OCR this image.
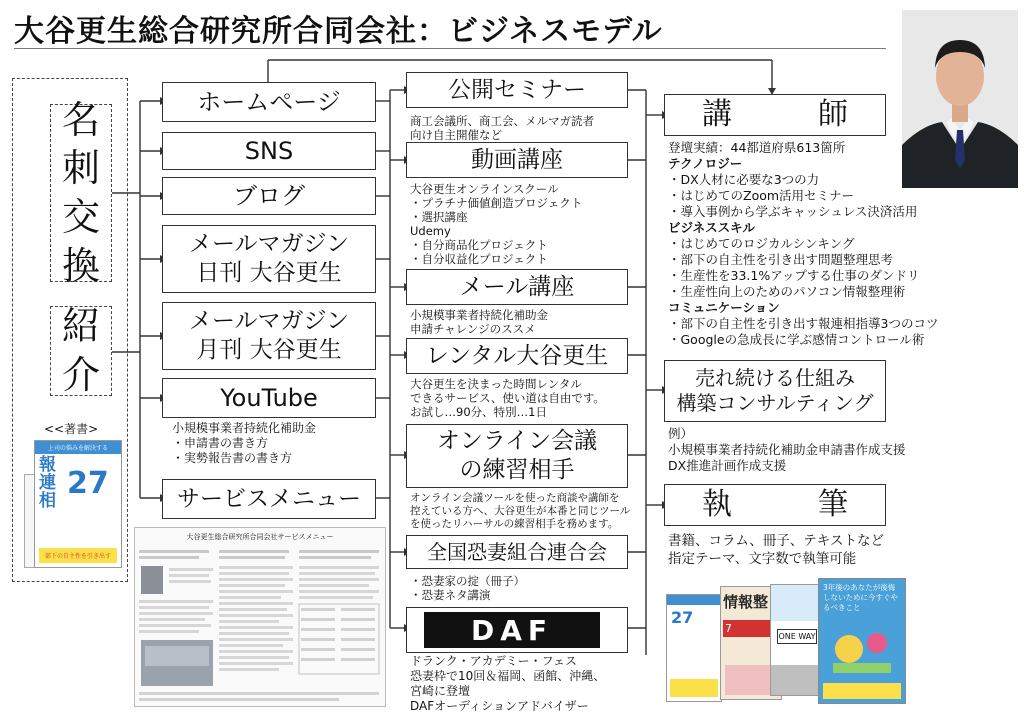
大谷更生総合研究所合同会社：ビジネスモデル
名
刺
交
換
紹
介
<<著書>
上司の悩みを解決する
報
連
相
27
部下の自主性を引き出す
ホームページ
SNS
ブログ
メールマガジン
日刊 大谷更生
メールマガジン
月刊 大谷更生
YouTube
小規模事業者持続化補助金
・申請書の書き方
・実勢報告書の書き方
サービスメニュー
大谷更生総合研究所合同会社サービスメニュー
公開セミナー
商工会議所、商工会、メルマガ読者
向け自主開催など
動画講座
大谷更生オンラインスクール
・プラチナ価値創造プロジェクト
・選択講座
Udemy
・自分商品化プロジェクト
・自分収益化プロジェクト
メール講座
小規模事業者持続化補助金
申請チャレンジのススメ
レンタル大谷更生
大谷更生を決まった時間レンタル
できるサービス、使い道は自由です。
お試し…90分、特別…1日
オンライン会議
の練習相手
オンライン会議ツールを使った商談や講師を
控えている方へ、大谷更生が本番と同じツール
を使ったリハーサルの練習相手を務めます。
全国恐妻組合連合会
・恐妻家の掟（冊子）
・恐妻ネタ講演
DAF
ドランク・アカデミー・フェス
恐妻枠で10回＆福岡、函館、沖縄、
宮崎に登壇
DAFオーディションアドバイザー
講　師
登壇実績：44都道府県613箇所
テクノロジー
・DX人材に必要な3つの力
・はじめてのZoom活用セミナー
・導入事例から学ぶキャッシュレス決済活用
ビジネススキル
・はじめてのロジカルシンキング
・部下の自主性を引き出す問題整理思考
・生産性を33.1%アップする仕事のダンドリ
・生産性向上のためのパソコン情報整理術
コミュニケーション
・部下の自主性を引き出す報連相指導3つのコツ
・Googleの急成長に学ぶ感情コントロール術
売れ続ける仕組み
構築コンサルティング
例）
小規模事業者持続化補助金申請書作成支援
DX推進計画作成支援
執　筆
書籍、コラム、冊子、テキストなど
指定テーマ、文字数で執筆可能
27
情報整
7
ONE WAY
3年後のあなたが後悔しないために今すぐやるべきこと
